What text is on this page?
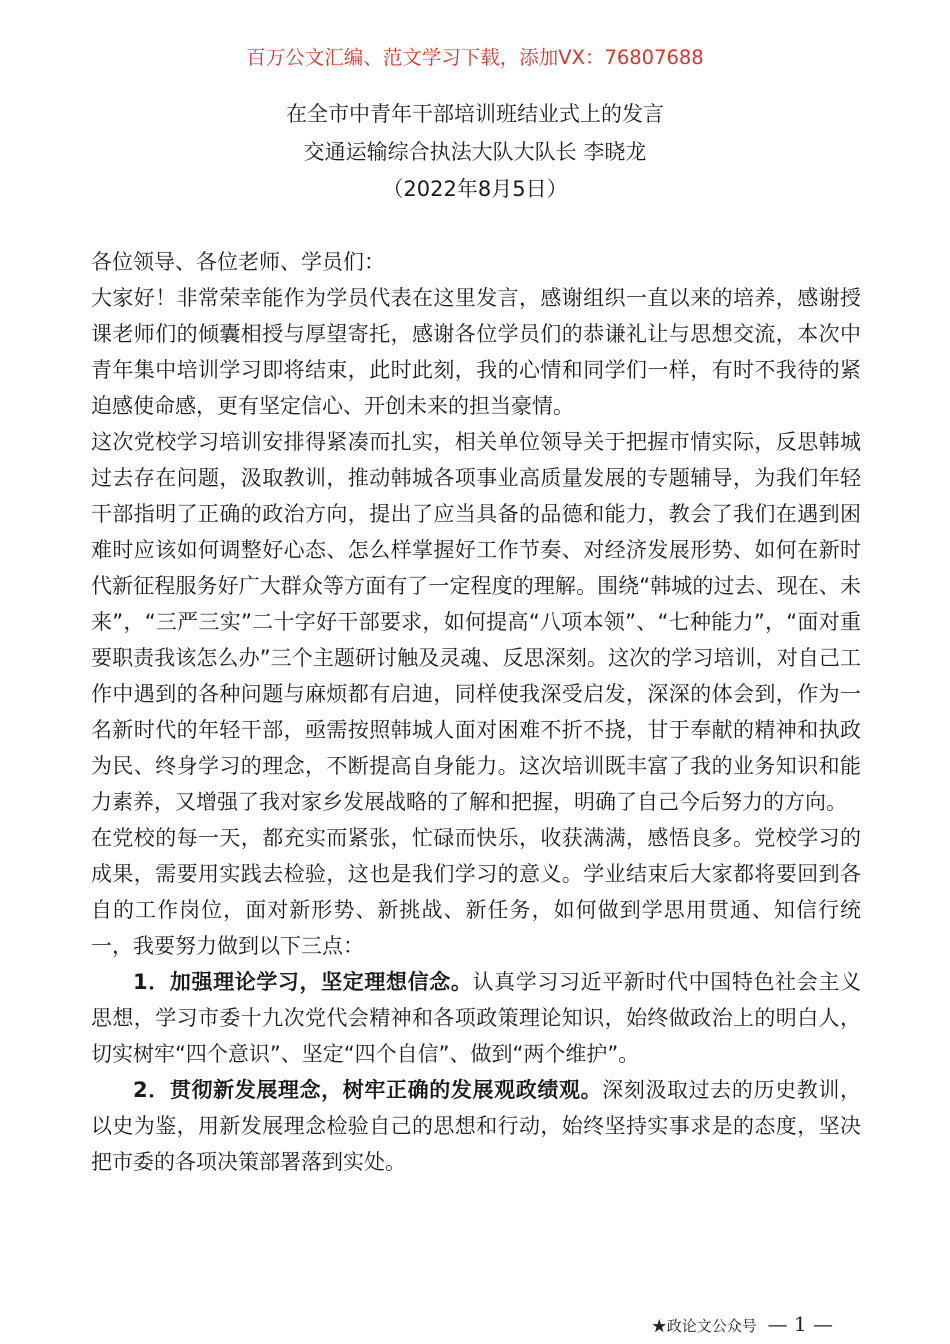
百万公文汇编、范文学习下载，添加VX：76807688
在全市中青年干部培训班结业式上的发言
交通运输综合执法大队大队长 李晓龙
（2022年8月5日）

各位领导、各位老师、学员们：

大家好！非常荣幸能作为学员代表在这里发言，感谢组织一直以来的培养，感谢授课老师们的倾囊相授与厚望寄托，感谢各位学员们的恭谦礼让与思想交流，本次中青年集中培训学习即将结束，此时此刻，我的心情和同学们一样，有时不我待的紧迫感使命感，更有坚定信心、开创未来的担当豪情。

这次党校学习培训安排得紧凑而扎实，相关单位领导关于把握市情实际，反思韩城过去存在问题，汲取教训，推动韩城各项事业高质量发展的专题辅导，为我们年轻干部指明了正确的政治方向，提出了应当具备的品德和能力，教会了我们在遇到困难时应该如何调整好心态、怎么样掌握好工作节奏、对经济发展形势、如何在新时代新征程服务好广大群众等方面有了一定程度的理解。围绕“韩城的过去、现在、未来”，“三严三实”二十字好干部要求，如何提高“八项本领”、“七种能力”，“面对重要职责我该怎么办”三个主题研讨触及灵魂、反思深刻。这次的学习培训，对自己工作中遇到的各种问题与麻烦都有启迪，同样使我深受启发，深深的体会到，作为一名新时代的年轻干部，亟需按照韩城人面对困难不折不挠，甘于奉献的精神和执政为民、终身学习的理念，不断提高自身能力。这次培训既丰富了我的业务知识和能力素养，又增强了我对家乡发展战略的了解和把握，明确了自己今后努力的方向。

在党校的每一天，都充实而紧张，忙碌而快乐，收获满满，感悟良多。党校学习的成果，需要用实践去检验，这也是我们学习的意义。学业结束后大家都将要回到各自的工作岗位，面对新形势、新挑战、新任务，如何做到学思用贯通、知信行统一，我要努力做到以下三点：

1．加强理论学习，坚定理想信念。认真学习习近平新时代中国特色社会主义思想，学习市委十九次党代会精神和各项政策理论知识，始终做政治上的明白人，切实树牢“四个意识”、坚定“四个自信”、做到“两个维护”。

2．贯彻新发展理念，树牢正确的发展观政绩观。深刻汲取过去的历史教训，以史为鉴，用新发展理念检验自己的思想和行动，始终坚持实事求是的态度，坚决把市委的各项决策部署落到实处。

★政论文公众号 — 1 —
